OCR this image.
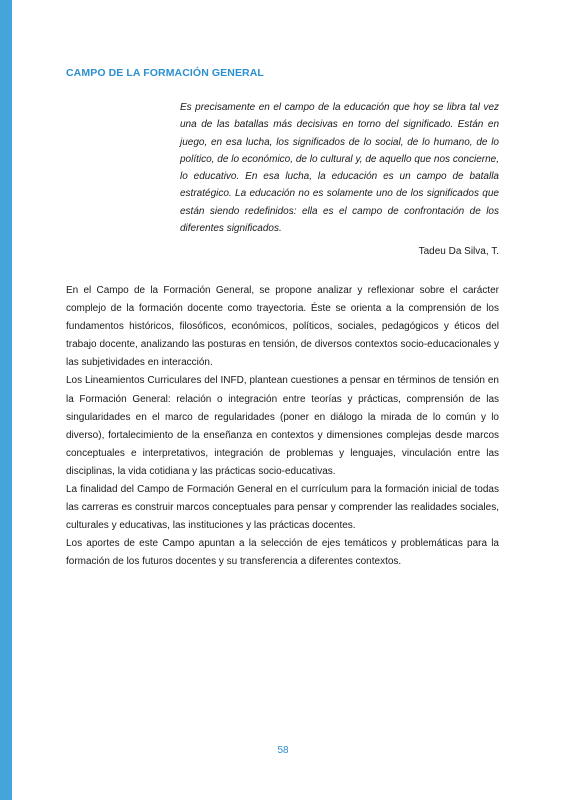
CAMPO DE LA FORMACIÓN GENERAL

Es precisamente en el campo de la educación que hoy se libra tal vez una de las batallas más decisivas en torno del significado. Están en juego, en esa lucha, los significados de lo social, de lo humano, de lo político, de lo económico, de lo cultural y, de aquello que nos concierne, lo educativo. En esa lucha, la educación es un campo de batalla estratégico. La educación no es solamente uno de los significados que están siendo redefinidos: ella es el campo de confrontación de los diferentes significados.

Tadeu Da Silva, T.

En el Campo de la Formación General, se propone analizar y reflexionar sobre el carácter complejo de la formación docente como trayectoria. Éste se orienta a la comprensión de los fundamentos históricos, filosóficos, económicos, políticos, sociales, pedagógicos y éticos del trabajo docente, analizando las posturas en tensión, de diversos contextos socio-educacionales y las subjetividades en interacción.

Los Lineamientos Curriculares del INFD, plantean cuestiones a pensar en términos de tensión en la Formación General: relación o integración entre teorías y prácticas, comprensión de las singularidades en el marco de regularidades (poner en diálogo la mirada de lo común y lo diverso), fortalecimiento de la enseñanza en contextos y dimensiones complejas desde marcos conceptuales e interpretativos, integración de problemas y lenguajes, vinculación entre las disciplinas, la vida cotidiana y las prácticas socio-educativas.

La finalidad del Campo de Formación General en el currículum para la formación inicial de todas las carreras es construir marcos conceptuales para pensar y comprender las realidades sociales, culturales y educativas, las instituciones y las prácticas docentes.

Los aportes de este Campo apuntan a la selección de ejes temáticos y problemáticas para la formación de los futuros docentes y su transferencia a diferentes contextos.

58
